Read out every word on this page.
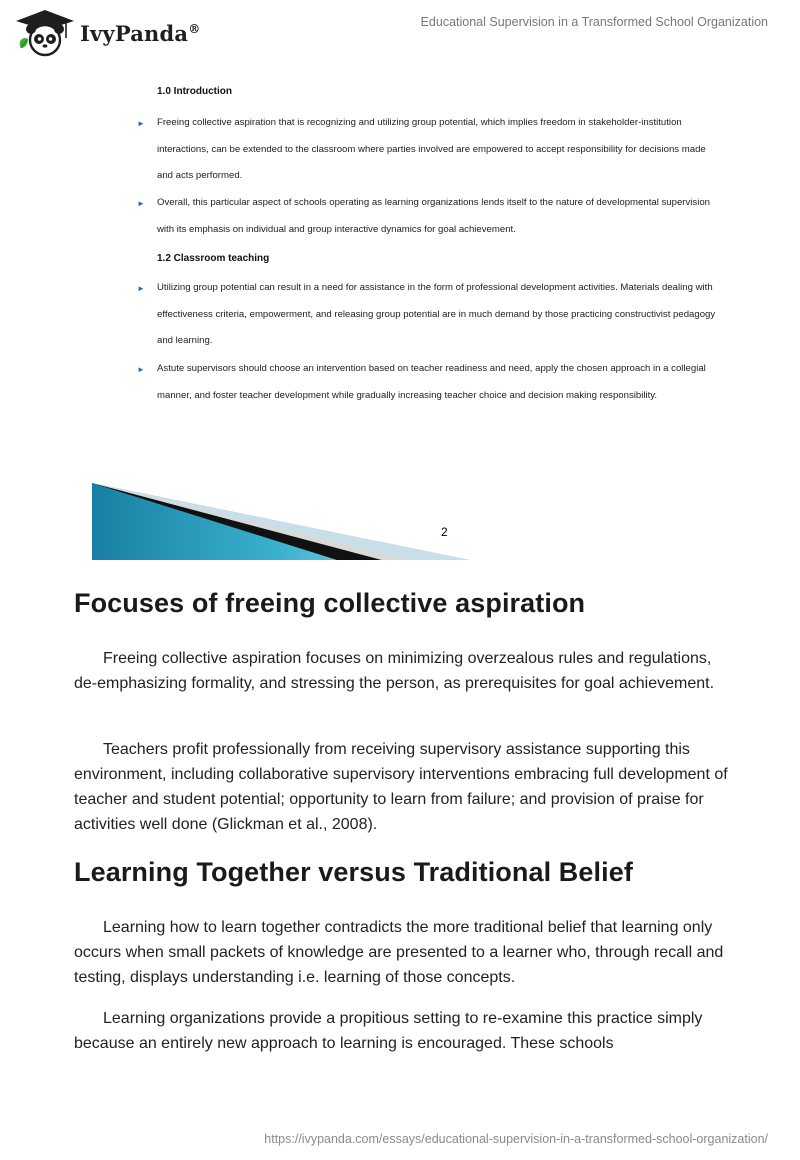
IvyPanda®	Educational Supervision in a Transformed School Organization
1.0 Introduction
►	Freeing collective aspiration that is recognizing and utilizing group potential, which implies freedom in stakeholder-institution interactions, can be extended to the classroom where parties involved are empowered to accept responsibility for decisions made and acts performed.
►	Overall, this particular aspect of schools operating as learning organizations lends itself to the nature of developmental supervision with its emphasis on individual and group interactive dynamics for goal achievement.
1.2 Classroom teaching
►	Utilizing group potential can result in a need for assistance in the form of professional development activities. Materials dealing with effectiveness criteria, empowerment, and releasing group potential are in much demand by those practicing constructivist pedagogy and learning.
►	Astute supervisors should choose an intervention based on teacher readiness and need, apply the chosen approach in a collegial manner, and foster teacher development while gradually increasing teacher choice and decision making responsibility.
2
Focuses of freeing collective aspiration

Freeing collective aspiration focuses on minimizing overzealous rules and regulations, de-emphasizing formality, and stressing the person, as prerequisites for goal achievement.

Teachers profit professionally from receiving supervisory assistance supporting this environment, including collaborative supervisory interventions embracing full development of teacher and student potential; opportunity to learn from failure; and provision of praise for activities well done (Glickman et al., 2008).

Learning Together versus Traditional Belief

Learning how to learn together contradicts the more traditional belief that learning only occurs when small packets of knowledge are presented to a learner who, through recall and testing, displays understanding i.e. learning of those concepts.

Learning organizations provide a propitious setting to re-examine this practice simply because an entirely new approach to learning is encouraged. These schools

https://ivypanda.com/essays/educational-supervision-in-a-transformed-school-organization/
